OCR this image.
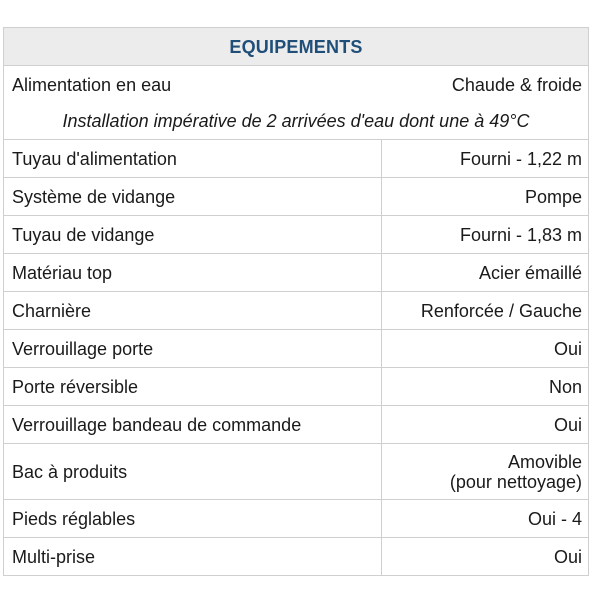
EQUIPEMENTS	
Alimentation en eau	Chaude & froide
Installation impérative de 2 arrivées d'eau dont une à 49°C	
Tuyau d'alimentation	Fourni - 1,22 m
Système de vidange	Pompe
Tuyau de vidange	Fourni - 1,83 m
Matériau top	Acier émaillé
Charnière	Renforcée / Gauche
Verrouillage porte	Oui
Porte réversible	Non
Verrouillage bandeau de commande	Oui
Bac à produits	Amovible
(pour nettoyage)
Pieds réglables	Oui - 4
Multi-prise	Oui
